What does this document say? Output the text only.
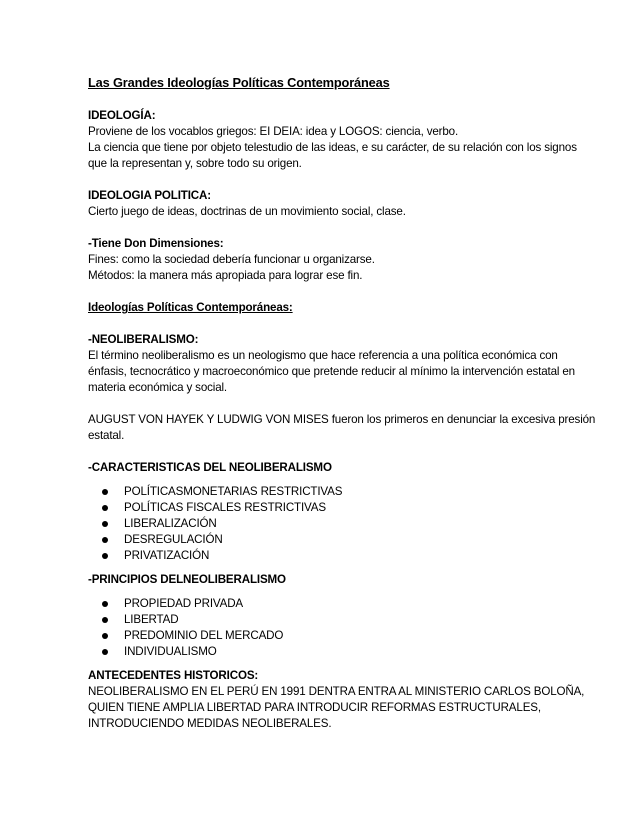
Las Grandes Ideologías Políticas Contemporáneas

IDEOLOGÍA:

Proviene de los vocablos griegos: EI DEIA: idea y LOGOS: ciencia, verbo.

La ciencia que tiene por objeto telestudio de las ideas, e su carácter, de su relación con los signos que la representan y, sobre todo su origen.

IDEOLOGIA POLITICA:

Cierto juego de ideas, doctrinas de un movimiento social, clase.

-Tiene Don Dimensiones:

Fines: como la sociedad debería funcionar u organizarse.

Métodos: la manera más apropiada para lograr ese fin.

Ideologías Políticas Contemporáneas:

-NEOLIBERALISMO:

El término neoliberalismo es un neologismo que hace referencia a una política económica con énfasis, tecnocrático y macroeconómico que pretende reducir al mínimo la intervención estatal en materia económica y social.

AUGUST VON HAYEK Y LUDWIG VON MISES fueron los primeros en denunciar la excesiva presión estatal.

-CARACTERISTICAS DEL NEOLIBERALISMO

POLÍTICASMONETARIAS RESTRICTIVAS
POLÍTICAS FISCALES RESTRICTIVAS
LIBERALIZACIÓN
DESREGULACIÓN
PRIVATIZACIÓN

-PRINCIPIOS DELNEOLIBERALISMO

PROPIEDAD PRIVADA
LIBERTAD
PREDOMINIO DEL MERCADO
INDIVIDUALISMO

ANTECEDENTES HISTORICOS:

NEOLIBERALISMO EN EL PERÚ EN 1991 DENTRA ENTRA AL MINISTERIO CARLOS BOLOÑA, QUIEN TIENE AMPLIA LIBERTAD PARA INTRODUCIR REFORMAS ESTRUCTURALES, INTRODUCIENDO MEDIDAS NEOLIBERALES.
